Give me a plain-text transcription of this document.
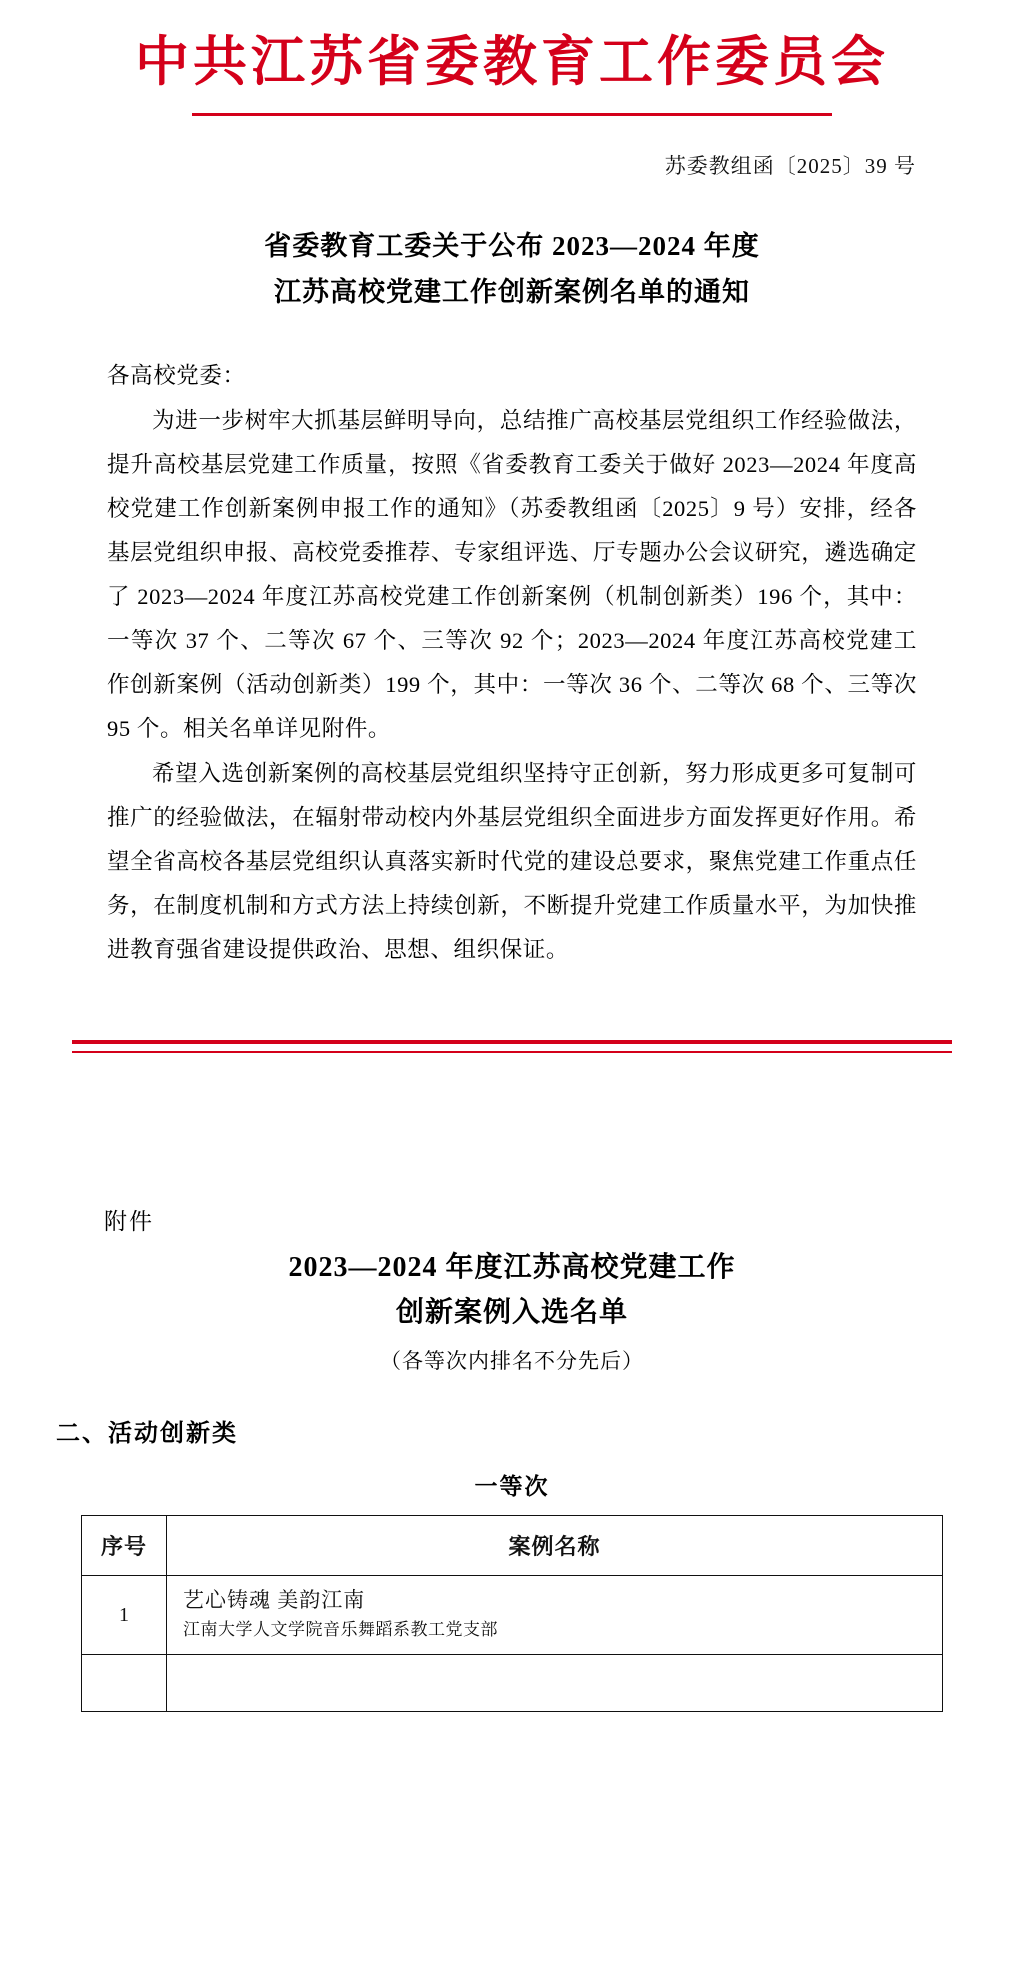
中共江苏省委教育工作委员会
苏委教组函〔2025〕39 号
省委教育工委关于公布 2023—2024 年度
江苏高校党建工作创新案例名单的通知

各高校党委：

为进一步树牢大抓基层鲜明导向，总结推广高校基层党组织工作经验做法，提升高校基层党建工作质量，按照《省委教育工委关于做好 2023—2024 年度高校党建工作创新案例申报工作的通知》（苏委教组函〔2025〕9 号）安排，经各基层党组织申报、高校党委推荐、专家组评选、厅专题办公会议研究，遴选确定了 2023—2024 年度江苏高校党建工作创新案例（机制创新类）196 个，其中：一等次 37 个、二等次 67 个、三等次 92 个；2023—2024 年度江苏高校党建工作创新案例（活动创新类）199 个，其中：一等次 36 个、二等次 68 个、三等次 95 个。相关名单详见附件。

希望入选创新案例的高校基层党组织坚持守正创新，努力形成更多可复制可推广的经验做法，在辐射带动校内外基层党组织全面进步方面发挥更好作用。希望全省高校各基层党组织认真落实新时代党的建设总要求，聚焦党建工作重点任务，在制度机制和方式方法上持续创新，不断提升党建工作质量水平，为加快推进教育强省建设提供政治、思想、组织保证。

附件
2023—2024 年度江苏高校党建工作
创新案例入选名单
（各等次内排名不分先后）
二、活动创新类
一等次
序号	案例名称
1	艺心铸魂 美韵江南
江南大学人文学院音乐舞蹈系教工党支部
